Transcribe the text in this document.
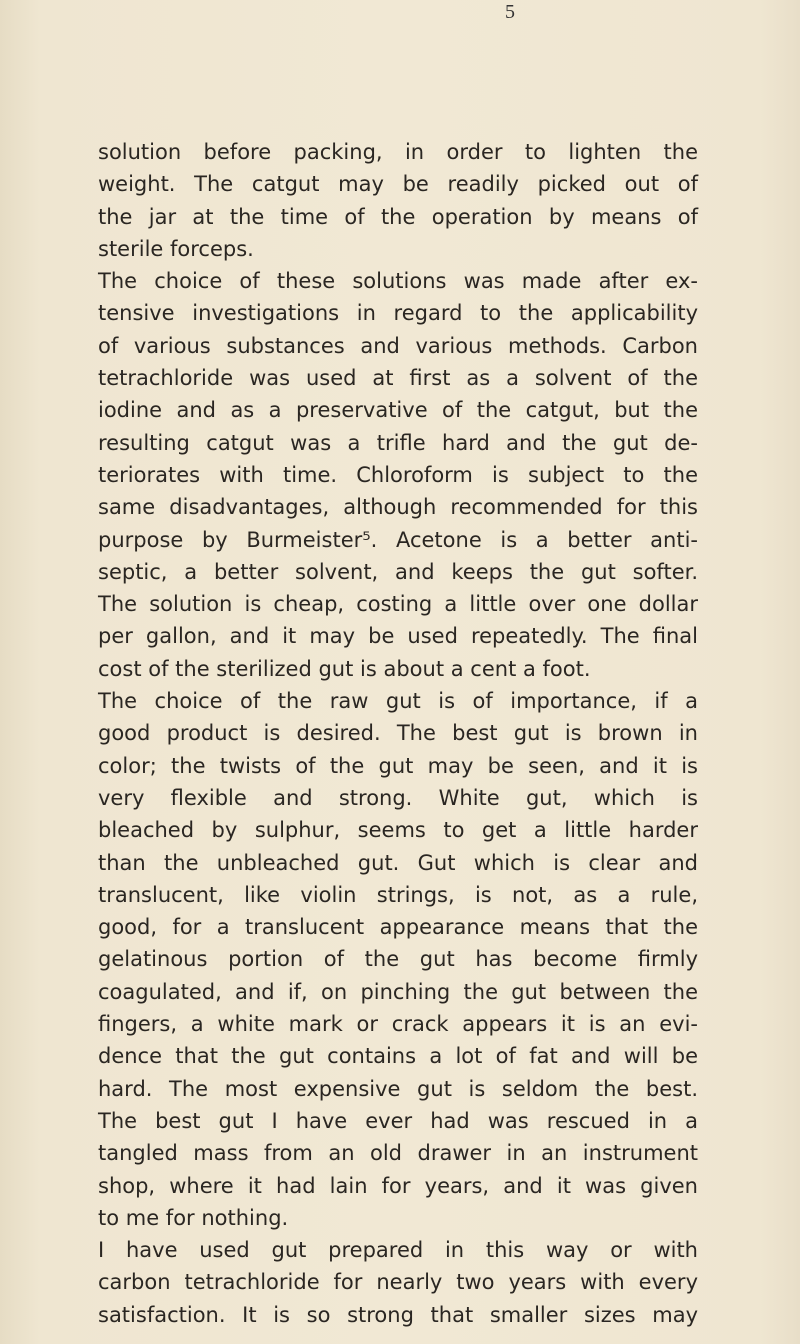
5

solution before packing, in order to lighten the
weight. The catgut may be readily picked out of
the jar at the time of the operation by means of
sterile forceps.

The choice of these solutions was made after ex-
tensive investigations in regard to the applicability
of various substances and various methods. Carbon
tetrachloride was used at first as a solvent of the
iodine and as a preservative of the catgut, but the
resulting catgut was a trifle hard and the gut de-
teriorates with time. Chloroform is subject to the
same disadvantages, although recommended for this
purpose by Burmeister⁵. Acetone is a better anti-
septic, a better solvent, and keeps the gut softer.
The solution is cheap, costing a little over one dollar
per gallon, and it may be used repeatedly. The final
cost of the sterilized gut is about a cent a foot.

The choice of the raw gut is of importance, if a
good product is desired. The best gut is brown in
color; the twists of the gut may be seen, and it is
very flexible and strong. White gut, which is
bleached by sulphur, seems to get a little harder
than the unbleached gut. Gut which is clear and
translucent, like violin strings, is not, as a rule,
good, for a translucent appearance means that the
gelatinous portion of the gut has become firmly
coagulated, and if, on pinching the gut between the
fingers, a white mark or crack appears it is an evi-
dence that the gut contains a lot of fat and will be
hard. The most expensive gut is seldom the best.
The best gut I have ever had was rescued in a
tangled mass from an old drawer in an instrument
shop, where it had lain for years, and it was given
to me for nothing.

I have used gut prepared in this way or with
carbon tetrachloride for nearly two years with every
satisfaction. It is so strong that smaller sizes may
